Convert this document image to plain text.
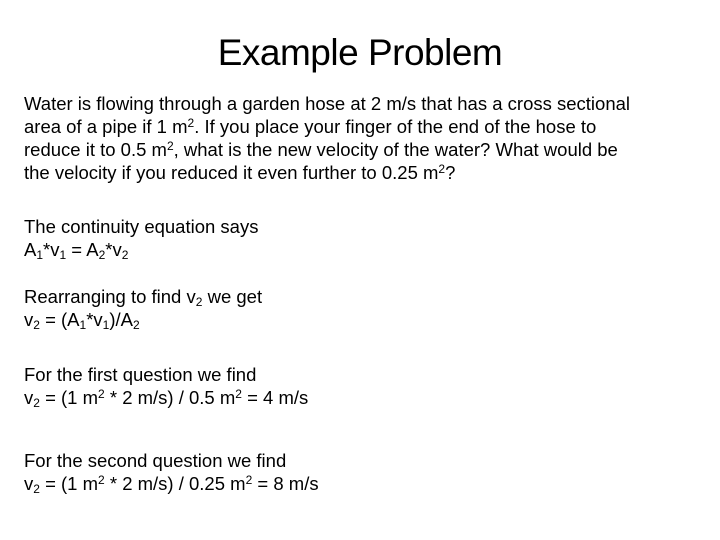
Example Problem
Water is flowing through a garden hose at 2 m/s that has a cross sectional
area of a pipe if 1 $m^2$. If you place your finger of the end of the hose to
reduce it to 0.5 $m^2$, what is the new velocity of the water? What would be
the velocity if you reduced it even further to 0.25 $m^2$?
The continuity equation says
$A_1*v_1 = A_2*v_2$
Rearranging to find $v_2$ we get
$v_2 = (A_1*v_1)/A_2$
For the first question we find
$v_2 = (1$ $m^2 * 2$ m/s) / 0.5 $m^2 = 4$ m/s
For the second question we find
$v_2 = (1$ $m^2 * 2$ m/s) / 0.25 $m^2 = 8$ m/s
